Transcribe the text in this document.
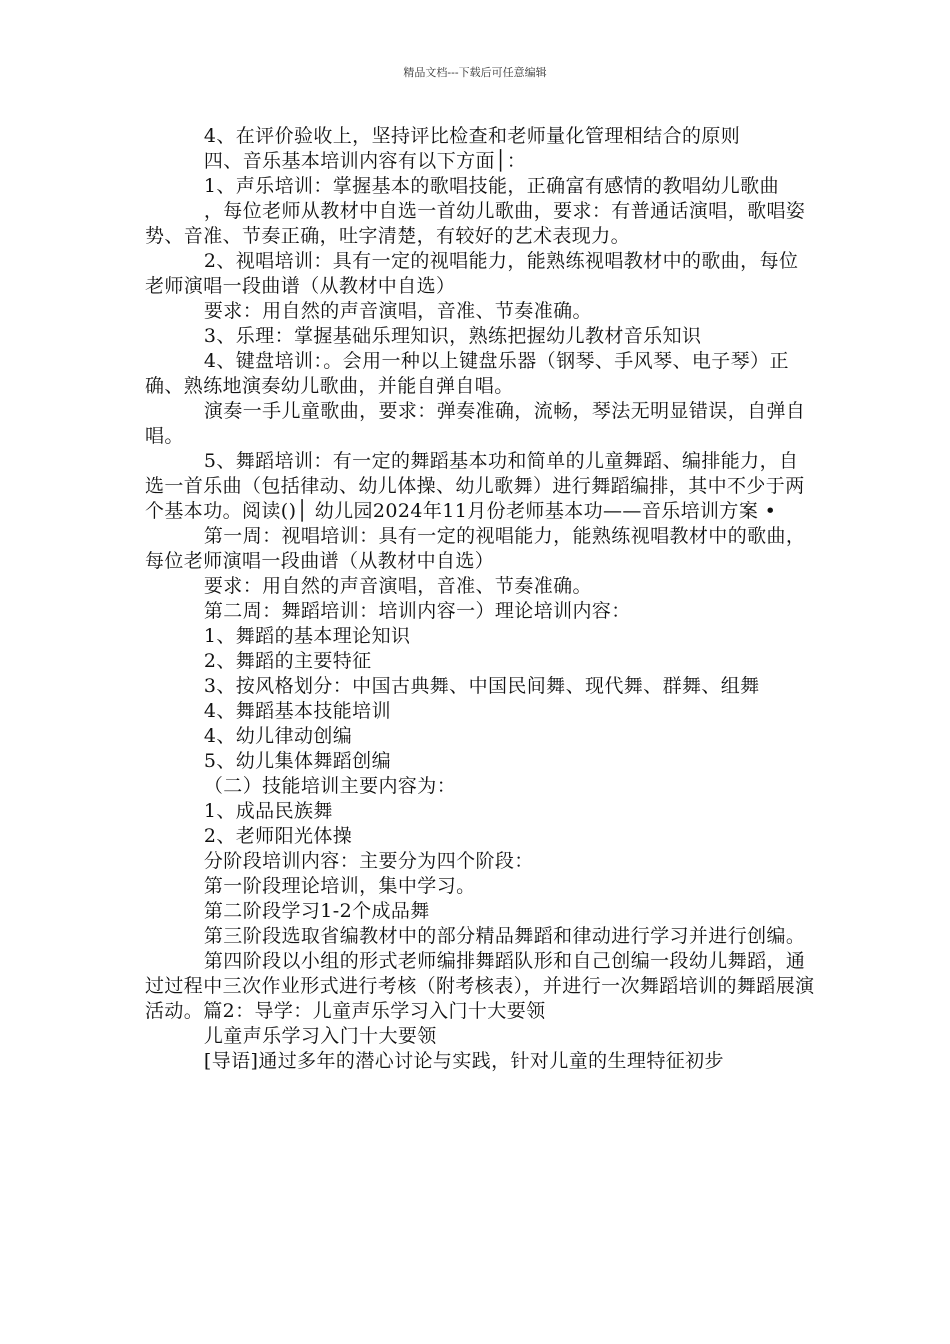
精品文档---下载后可任意编辑

4、在评价验收上，坚持评比检查和老师量化管理相结合的原则

四、音乐基本培训内容有以下方面│：

1、声乐培训：掌握基本的歌唱技能，正确富有感情的教唱幼儿歌曲

，每位老师从教材中自选一首幼儿歌曲，要求：有普通话演唱，歌唱姿势、音准、节奏正确，吐字清楚，有较好的艺术表现力。

2、视唱培训：具有一定的视唱能力，能熟练视唱教材中的歌曲，每位老师演唱一段曲谱（从教材中自选）

要求：用自然的声音演唱，音准、节奏准确。

3、乐理：掌握基础乐理知识，熟练把握幼儿教材音乐知识

4、键盘培训：。会用一种以上键盘乐器（钢琴、手风琴、电子琴）正确、熟练地演奏幼儿歌曲，并能自弹自唱。

演奏一手儿童歌曲，要求：弹奏准确，流畅，琴法无明显错误，自弹自唱。

5、舞蹈培训：有一定的舞蹈基本功和简单的儿童舞蹈、编排能力，自选一首乐曲（包括律动、幼儿体操、幼儿歌舞）进行舞蹈编排，其中不少于两个基本功。阅读()│ 幼儿园2024年11月份老师基本功——音乐培训方案 •

第一周：视唱培训：具有一定的视唱能力，能熟练视唱教材中的歌曲，每位老师演唱一段曲谱（从教材中自选）

要求：用自然的声音演唱，音准、节奏准确。

第二周：舞蹈培训：培训内容一）理论培训内容：

1、舞蹈的基本理论知识

2、舞蹈的主要特征

3、按风格划分：中国古典舞、中国民间舞、现代舞、群舞、组舞

4、舞蹈基本技能培训

4、幼儿律动创编

5、幼儿集体舞蹈创编

（二）技能培训主要内容为：

1、成品民族舞

2、老师阳光体操

分阶段培训内容：主要分为四个阶段：

第一阶段理论培训，集中学习。

第二阶段学习1-2个成品舞

第三阶段选取省编教材中的部分精品舞蹈和律动进行学习并进行创编。

第四阶段以小组的形式老师编排舞蹈队形和自己创编一段幼儿舞蹈，通过过程中三次作业形式进行考核（附考核表），并进行一次舞蹈培训的舞蹈展演活动。篇2：导学：儿童声乐学习入门十大要领

儿童声乐学习入门十大要领

[导语]通过多年的潜心讨论与实践，针对儿童的生理特征初步
